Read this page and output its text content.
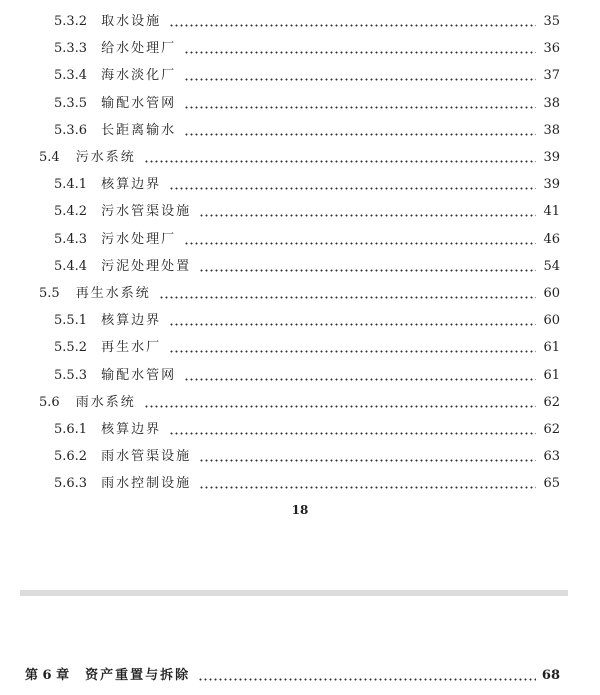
5.3.2 取水设施	35
5.3.3 给水处理厂	36
5.3.4 海水淡化厂	37
5.3.5 输配水管网	38
5.3.6 长距离输水	38
5.4 污水系统	39
5.4.1 核算边界	39
5.4.2 污水管渠设施	41
5.4.3 污水处理厂	46
5.4.4 污泥处理处置	54
5.5 再生水系统	60
5.5.1 核算边界	60
5.5.2 再生水厂	61
5.5.3 输配水管网	61
5.6 雨水系统	62
5.6.1 核算边界	62
5.6.2 雨水管渠设施	63
5.6.3 雨水控制设施	65
18
第 6 章 资产重置与拆除	68
